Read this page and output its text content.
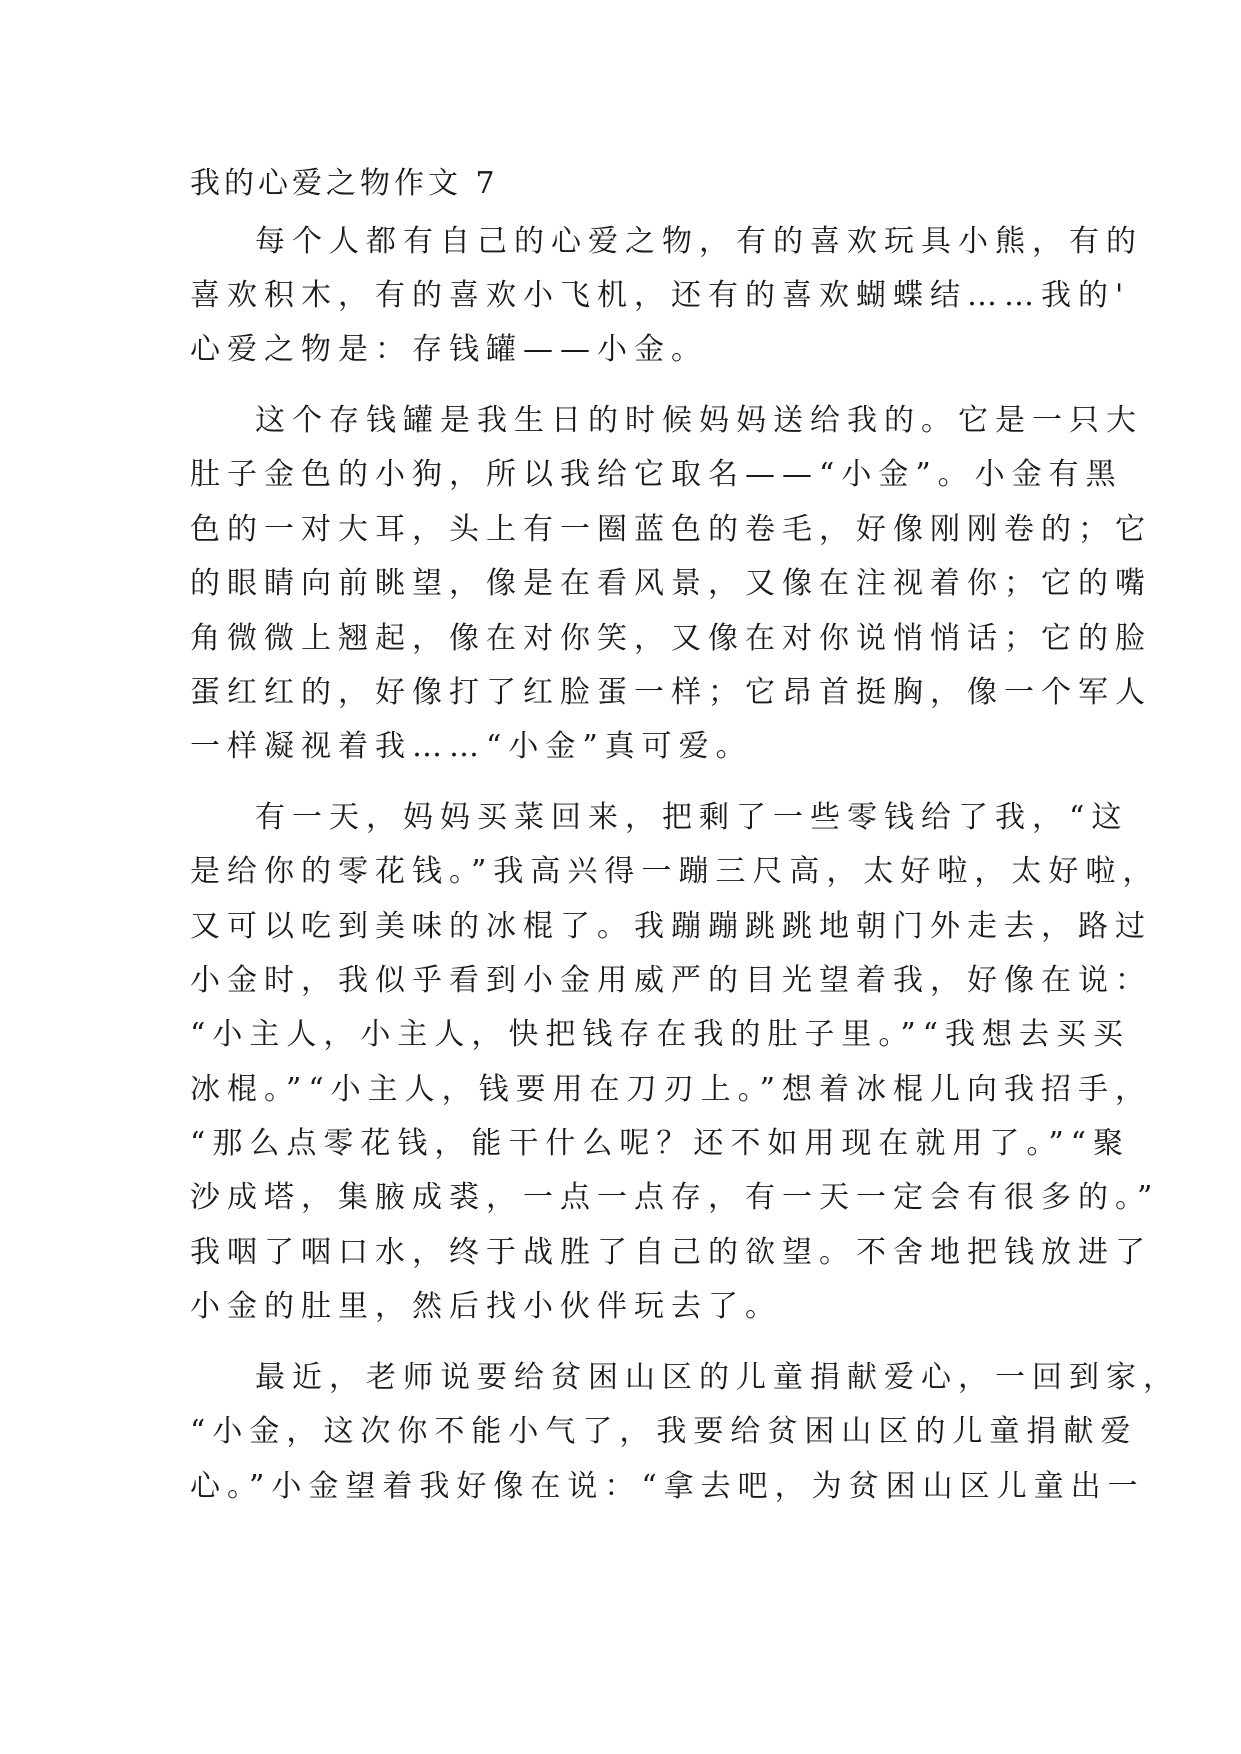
我的心爱之物作文 7
每个人都有自己的心爱之物，有的喜欢玩具小熊，有的
喜欢积木，有的喜欢小飞机，还有的喜欢蝴蝶结……我的'
心爱之物是：存钱罐——小金。
这个存钱罐是我生日的时候妈妈送给我的。它是一只大
肚子金色的小狗，所以我给它取名——“小金”。小金有黑
色的一对大耳，头上有一圈蓝色的卷毛，好像刚刚卷的；它
的眼睛向前眺望，像是在看风景，又像在注视着你；它的嘴
角微微上翘起，像在对你笑，又像在对你说悄悄话；它的脸
蛋红红的，好像打了红脸蛋一样；它昂首挺胸，像一个军人
一样凝视着我……“小金”真可爱。
有一天，妈妈买菜回来，把剩了一些零钱给了我，“这
是给你的零花钱。”我高兴得一蹦三尺高，太好啦，太好啦，
又可以吃到美味的冰棍了。我蹦蹦跳跳地朝门外走去，路过
小金时，我似乎看到小金用威严的目光望着我，好像在说：
“小主人，小主人，快把钱存在我的肚子里。”“我想去买买
冰棍。”“小主人，钱要用在刀刃上。”想着冰棍儿向我招手，
“那么点零花钱，能干什么呢？还不如用现在就用了。”“聚
沙成塔，集腋成裘，一点一点存，有一天一定会有很多的。”
我咽了咽口水，终于战胜了自己的欲望。不舍地把钱放进了
小金的肚里，然后找小伙伴玩去了。
最近，老师说要给贫困山区的儿童捐献爱心，一回到家，
“小金，这次你不能小气了，我要给贫困山区的儿童捐献爱
心。”小金望着我好像在说：“拿去吧，为贫困山区儿童出一
